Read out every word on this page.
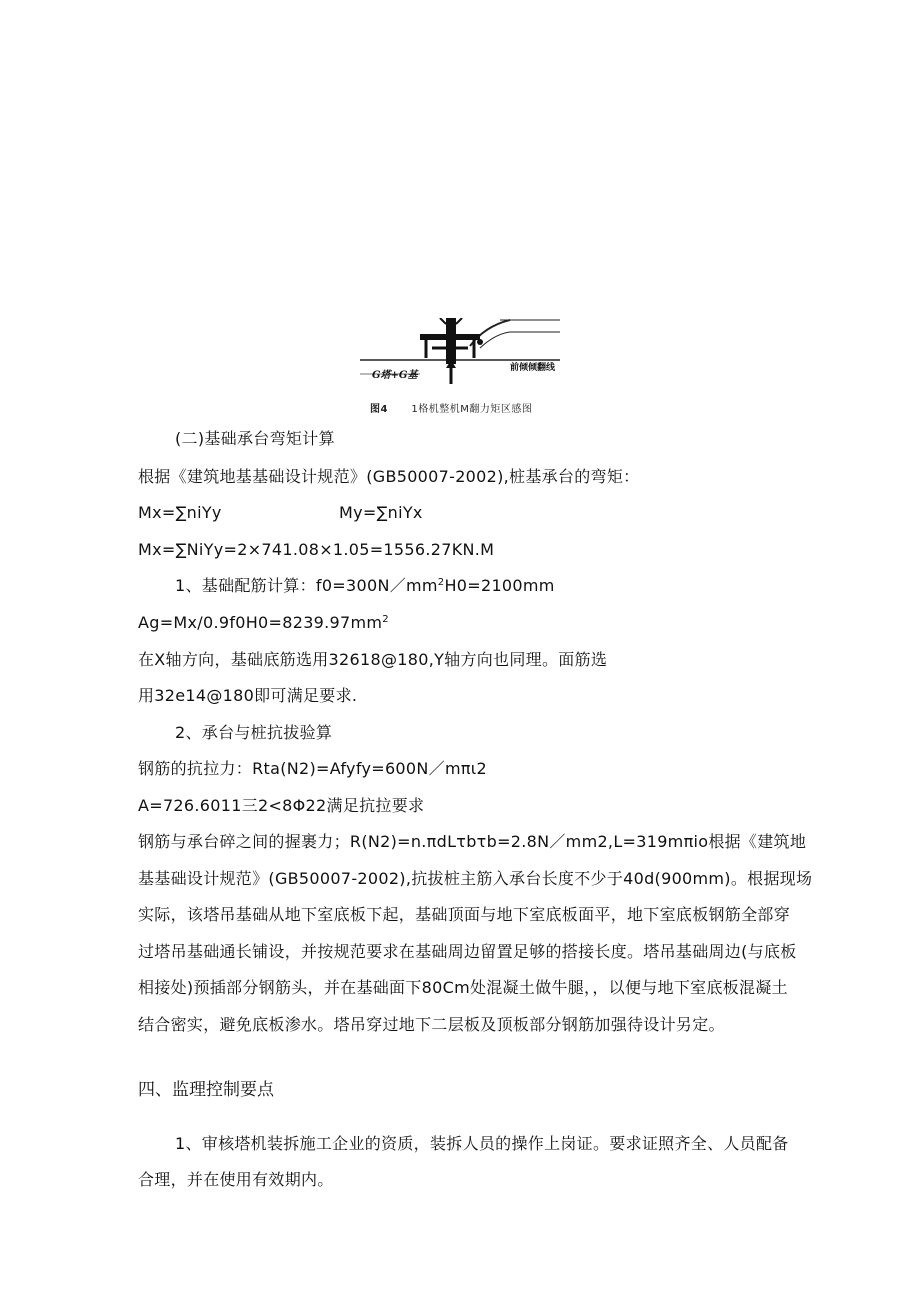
G塔+G基
前倾倾翻线
图4 1格机整机M翻力矩区感图
(二)基础承台弯矩计算
根据《建筑地基基础设计规范》(GB50007-2002),桩基承台的弯矩：
Mx=∑niYy	My=∑niYx
Mx=∑NiYy=2×741.08×1.05=1556.27KN.M
1、基础配筋计算：$f0=300N/mm^2H0=2100mm$
$Ag=Mx/0.9f0H0=8239.97mm^2$
在X轴方向，基础底筋选用32618@180,Y轴方向也同理。面筋选
用32e14@180即可满足要求.
2、承台与桩抗拔验算
钢筋的抗拉力：Rta(N2)=Afyfy=600N／mπι2
A=726.6011三2<8Φ22满足抗拉要求
钢筋与承台碎之间的握裹力；R(N2)=n.πdLτbτb=2.8N／mm2,L=319mπio根据《建筑地
基基础设计规范》(GB50007-2002),抗拔桩主筋入承台长度不少于40d(900mm)。根据现场
实际，该塔吊基础从地下室底板下起，基础顶面与地下室底板面平，地下室底板钢筋全部穿
过塔吊基础通长铺设，并按规范要求在基础周边留置足够的搭接长度。塔吊基础周边(与底板
相接处)预插部分钢筋头，并在基础面下80Cm处混凝土做牛腿，，以便与地下室底板混凝土
结合密实，避免底板渗水。塔吊穿过地下二层板及顶板部分钢筋加强待设计另定。
四、监理控制要点
1、审核塔机装拆施工企业的资质，装拆人员的操作上岗证。要求证照齐全、人员配备
合理，并在使用有效期内。
